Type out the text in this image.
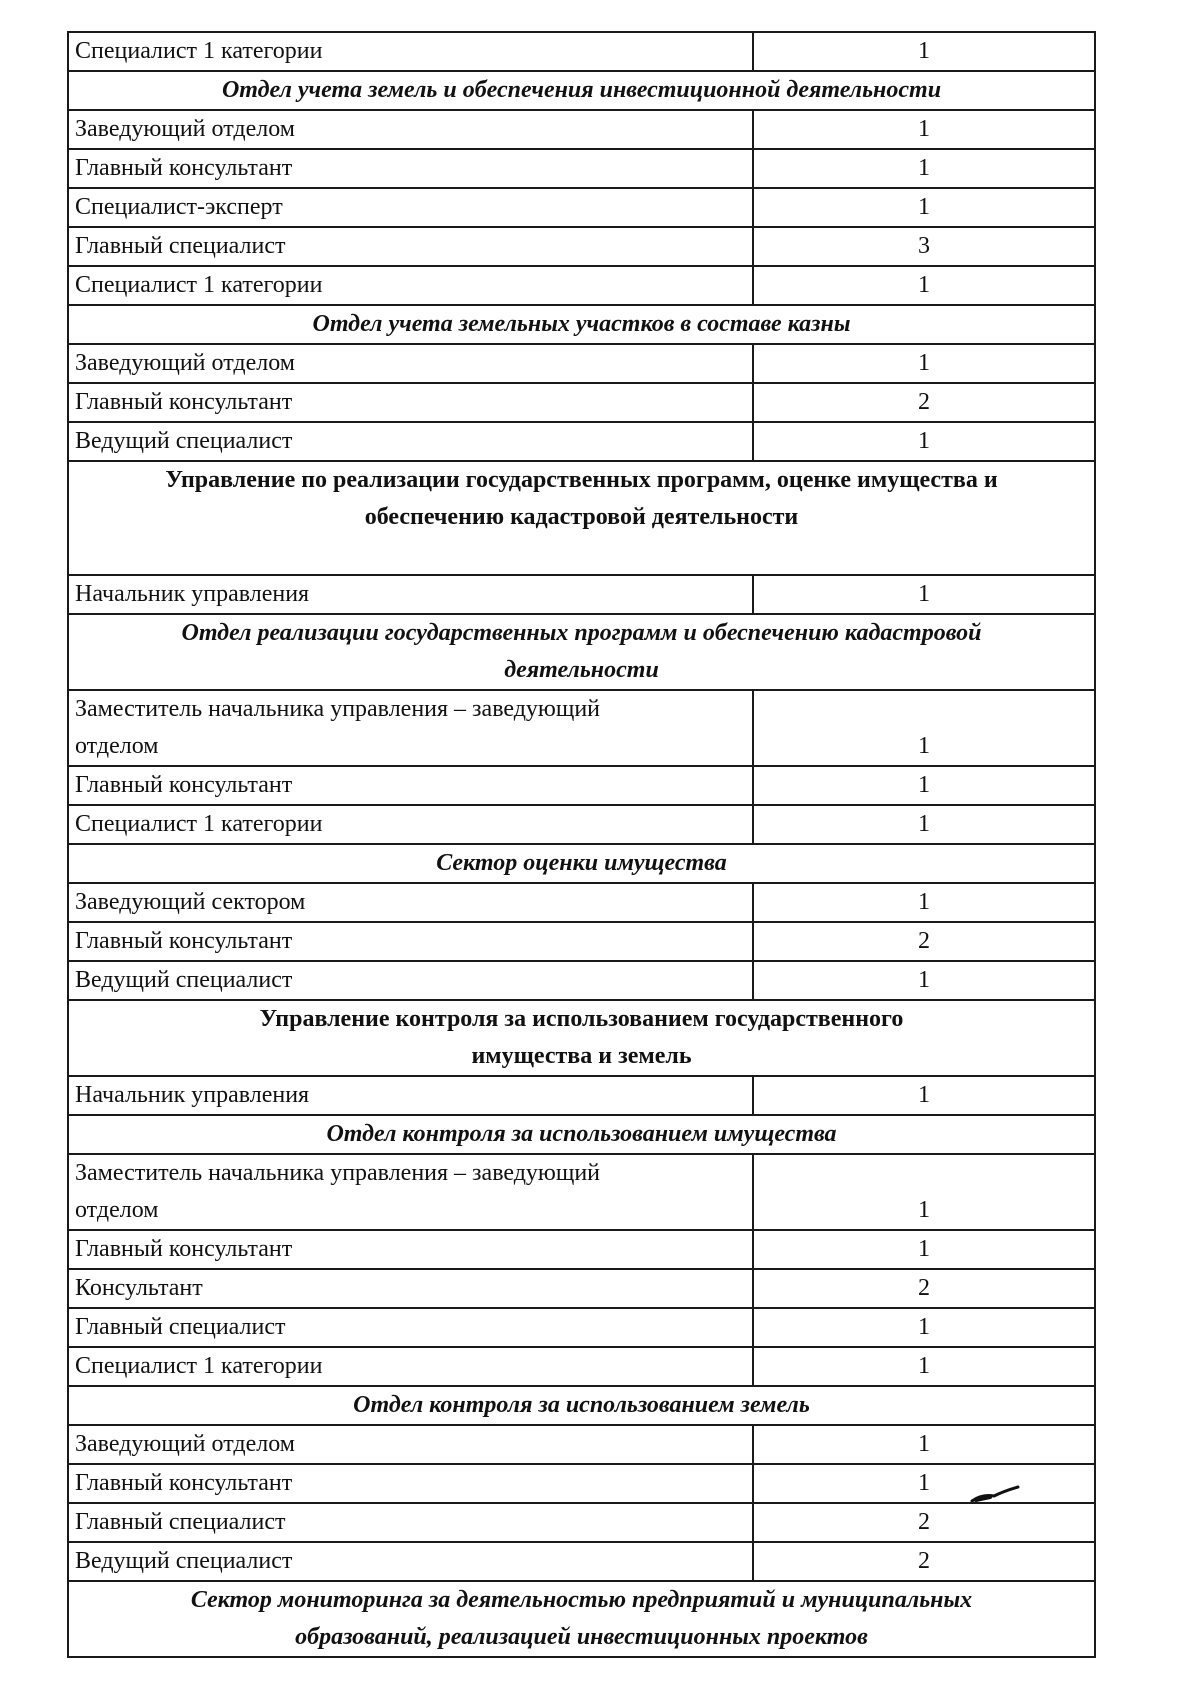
Специалист 1 категории	1
Отдел учета земель и обеспечения инвестиционной деятельности	
Заведующий отделом	1
Главный консультант	1
Специалист-эксперт	1
Главный специалист	3
Специалист 1 категории	1
Отдел учета земельных участков в составе казны	
Заведующий отделом	1
Главный консультант	2
Ведущий специалист	1

Управление по реализации государственных программ, оценке имущества и
обеспечению кадастровой деятельности	

Начальник управления	1

Отдел реализации государственных программ и обеспечению кадастровой
деятельности	

Заместитель начальника управления – заведующий
отделом	1
Главный консультант	1
Специалист 1 категории	1
Сектор оценки имущества	
Заведующий сектором	1
Главный консультант	2
Ведущий специалист	1

Управление контроля за использованием государственного
имущества и земель	

Начальник управления	1
Отдел контроля за использованием имущества	

Заместитель начальника управления – заведующий
отделом	1
Главный консультант	1
Консультант	2
Главный специалист	1
Специалист 1 категории	1
Отдел контроля за использованием земель	
Заведующий отделом	1
Главный консультант	1
Главный специалист	2
Ведущий специалист	2

Сектор мониторинга за деятельностью предприятий и муниципальных
образований, реализацией инвестиционных проектов	
